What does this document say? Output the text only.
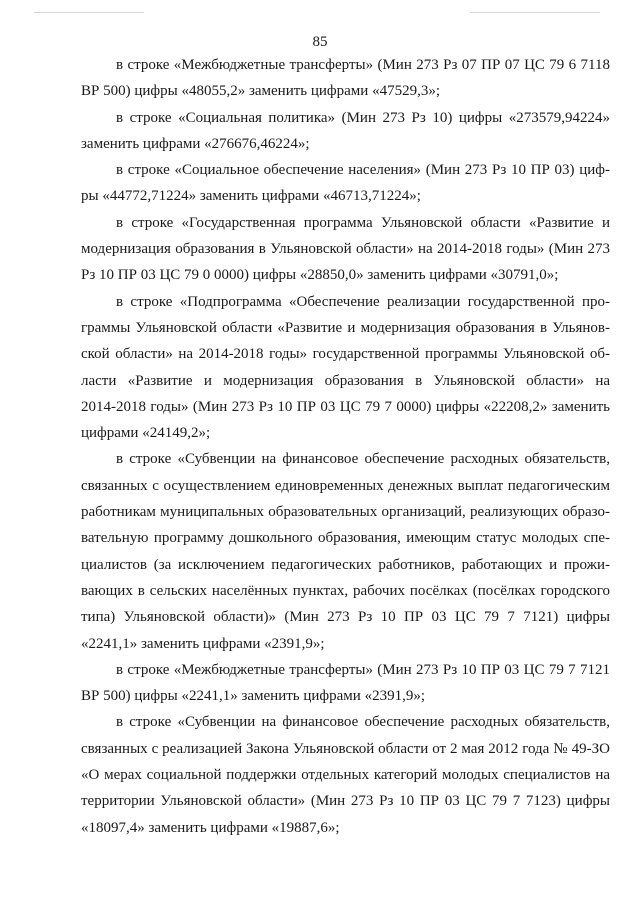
85

в строке «Межбюджетные трансферты» (Мин 273 Рз 07 ПР 07 ЦС 79 6 7118
ВР 500) цифры «48055,2» заменить цифрами «47529,3»;

в строке «Социальная политика» (Мин 273 Рз 10) цифры «273579,94224»
заменить цифрами «276676,46224»;

в строке «Социальное обеспечение населения» (Мин 273 Рз 10 ПР 03) циф-
ры «44772,71224» заменить цифрами «46713,71224»;

в строке «Государственная программа Ульяновской области «Развитие и
модернизация образования в Ульяновской области» на 2014-2018 годы» (Мин 273
Рз 10 ПР 03 ЦС 79 0 0000) цифры «28850,0» заменить цифрами «30791,0»;

в строке «Подпрограмма «Обеспечение реализации государственной про-
граммы Ульяновской области «Развитие и модернизация образования в Ульянов-
ской области» на 2014-2018 годы» государственной программы Ульяновской об-
ласти «Развитие и модернизация образования в Ульяновской области» на
2014-2018 годы» (Мин 273 Рз 10 ПР 03 ЦС 79 7 0000) цифры «22208,2» заменить
цифрами «24149,2»;

в строке «Субвенции на финансовое обеспечение расходных обязательств,
связанных с осуществлением единовременных денежных выплат педагогическим
работникам муниципальных образовательных организаций, реализующих образо-
вательную программу дошкольного образования, имеющим статус молодых спе-
циалистов (за исключением педагогических работников, работающих и прожи-
вающих в сельских населённых пунктах, рабочих посёлках (посёлках городского
типа) Ульяновской области)» (Мин 273 Рз 10 ПР 03 ЦС 79 7 7121) цифры
«2241,1» заменить цифрами «2391,9»;

в строке «Межбюджетные трансферты» (Мин 273 Рз 10 ПР 03 ЦС 79 7 7121
ВР 500) цифры «2241,1» заменить цифрами «2391,9»;

в строке «Субвенции на финансовое обеспечение расходных обязательств,
связанных с реализацией Закона Ульяновской области от 2 мая 2012 года № 49-ЗО
«О мерах социальной поддержки отдельных категорий молодых специалистов на
территории Ульяновской области» (Мин 273 Рз 10 ПР 03 ЦС 79 7 7123) цифры
«18097,4» заменить цифрами «19887,6»;
